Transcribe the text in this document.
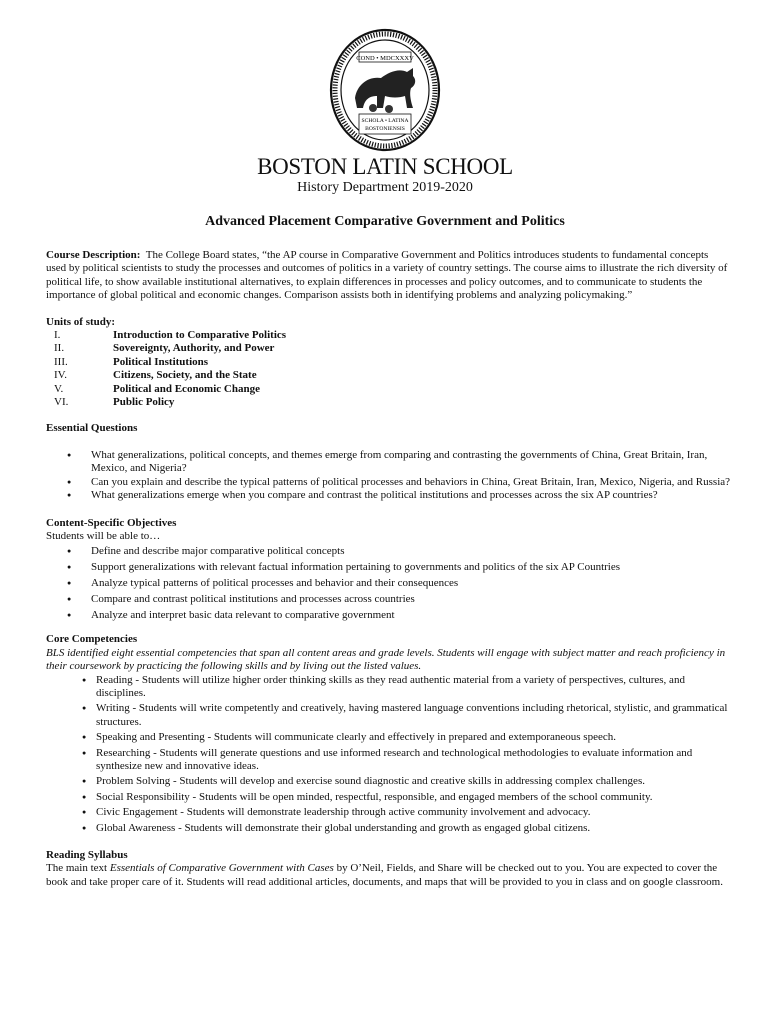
COND • MDCXXXV
SCHOLA • LATINA
BOSTONIENSIS
BOSTON LATIN SCHOOL

History Department 2019-2020

Advanced Placement Comparative Government and Politics

Course Description: The College Board states, “the AP course in Comparative Government and Politics introduces students to fundamental concepts used by political scientists to study the processes and outcomes of politics in a variety of country settings. The course aims to illustrate the rich diversity of political life, to show available institutional alternatives, to explain differences in processes and policy outcomes, and to communicate to students the importance of global political and economic changes. Comparison assists both in identifying problems and analyzing policymaking.”

Units of study:

I.	Introduction to Comparative Politics
II.	Sovereignty, Authority, and Power
III.	Political Institutions
IV.	Citizens, Society, and the State
V.	Political and Economic Change
VI.	Public Policy

Essential Questions

● What generalizations, political concepts, and themes emerge from comparing and contrasting the governments of China, Great Britain, Iran, Mexico, and Nigeria?
● Can you explain and describe the typical patterns of political processes and behaviors in China, Great Britain, Iran, Mexico, Nigeria, and Russia?
● What generalizations emerge when you compare and contrast the political institutions and processes across the six AP countries?

Content-Specific Objectives

Students will be able to…

● Define and describe major comparative political concepts
● Support generalizations with relevant factual information pertaining to governments and politics of the six AP Countries
● Analyze typical patterns of political processes and behavior and their consequences
● Compare and contrast political institutions and processes across countries
● Analyze and interpret basic data relevant to comparative government

Core Competencies

BLS identified eight essential competencies that span all content areas and grade levels. Students will engage with subject matter and reach proficiency in their coursework by practicing the following skills and by living out the listed values.

● Reading - Students will utilize higher order thinking skills as they read authentic material from a variety of perspectives, cultures, and disciplines.
● Writing - Students will write competently and creatively, having mastered language conventions including rhetorical, stylistic, and grammatical structures.
● Speaking and Presenting - Students will communicate clearly and effectively in prepared and extemporaneous speech.
● Researching - Students will generate questions and use informed research and technological methodologies to evaluate information and synthesize new and innovative ideas.
● Problem Solving - Students will develop and exercise sound diagnostic and creative skills in addressing complex challenges.
● Social Responsibility - Students will be open minded, respectful, responsible, and engaged members of the school community.
● Civic Engagement - Students will demonstrate leadership through active community involvement and advocacy.
● Global Awareness - Students will demonstrate their global understanding and growth as engaged global citizens.

Reading Syllabus

The main text Essentials of Comparative Government with Cases by O’Neil, Fields, and Share will be checked out to you. You are expected to cover the book and take proper care of it. Students will read additional articles, documents, and maps that will be provided to you in class and on google classroom.
